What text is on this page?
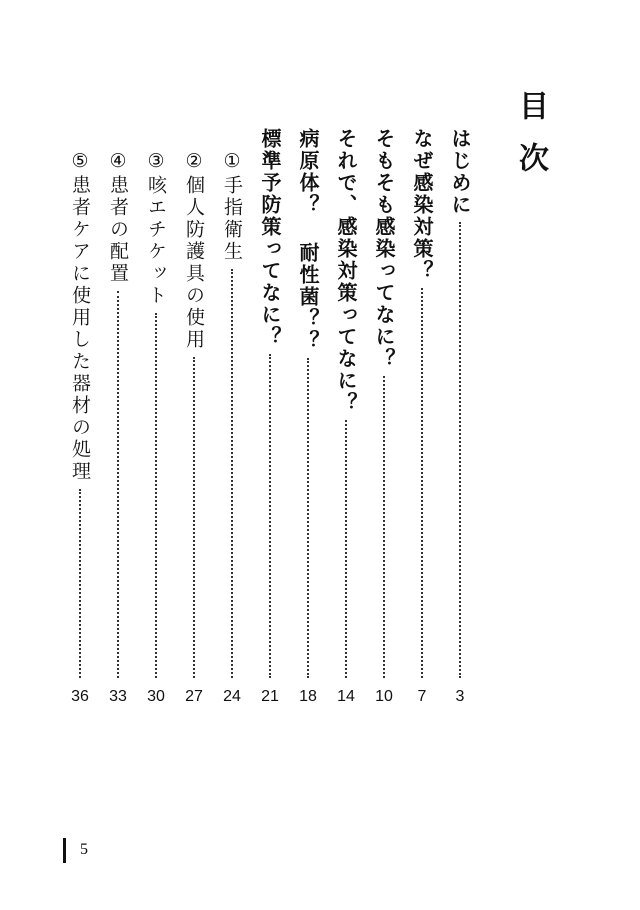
目次
はじめに
3
なぜ感染対策？
7
そもそも感染ってなに？
10
それで、感染対策ってなに？
14
病原体？ 耐性菌？？
18
標準予防策ってなに？
21
①手指衛生
24
②個人防護具の使用
27
③咳エチケット
30
④患者の配置
33
⑤患者ケアに使用した器材の処理
36
5
